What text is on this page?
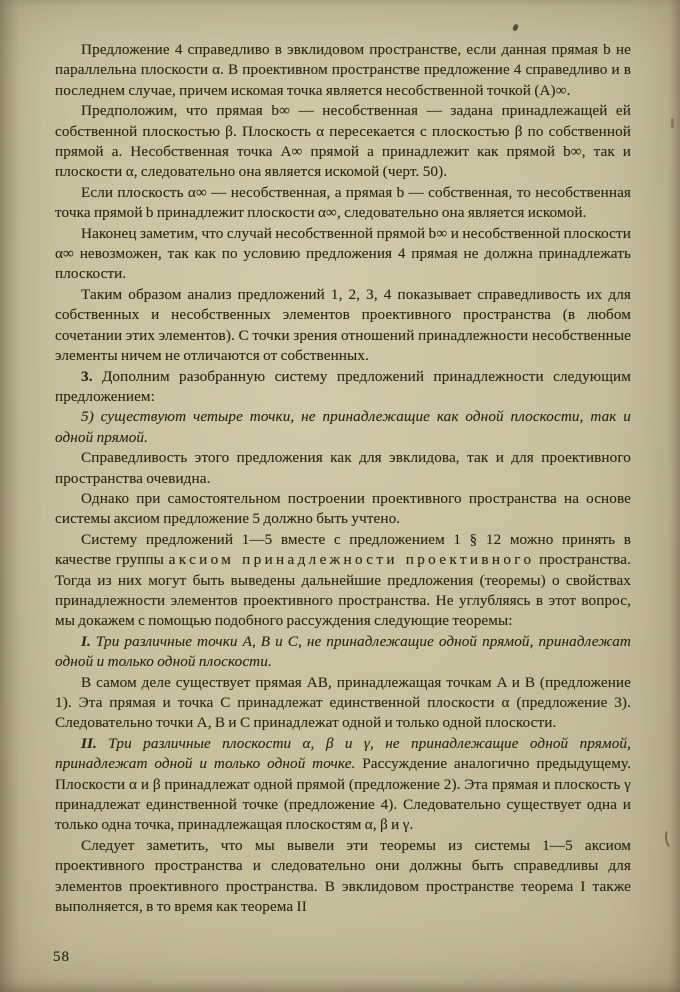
Предложение 4 справедливо в эвклидовом пространстве, если данная прямая b не параллельна плоскости α. В проективном пространстве предложение 4 справедливо и в последнем случае, причем искомая точка является несобственной точкой (A)∞.

Предположим, что прямая b∞ — несобственная — задана принадлежащей ей собственной плоскостью β. Плоскость α пересекается с плоскостью β по собственной прямой a. Несобственная точка A∞ прямой a принадлежит как прямой b∞, так и плоскости α, следовательно она является искомой (черт. 50).

Если плоскость α∞ — несобственная, а прямая b — собственная, то несобственная точка прямой b принадлежит плоскости α∞, следовательно она является искомой.

Наконец заметим, что случай несобственной прямой b∞ и несобственной плоскости α∞ невозможен, так как по условию предложения 4 прямая не должна принадлежать плоскости.

Таким образом анализ предложений 1, 2, 3, 4 показывает справедливость их для собственных и несобственных элементов проективного пространства (в любом сочетании этих элементов). С точки зрения отношений принадлежности несобственные элементы ничем не отличаются от собственных.

3. Дополним разобранную систему предложений принадлежности следующим предложением:

5) существуют четыре точки, не принадлежащие как одной плоскости, так и одной прямой.

Справедливость этого предложения как для эвклидова, так и для проективного пространства очевидна.

Однако при самостоятельном построении проективного пространства на основе системы аксиом предложение 5 должно быть учтено.

Систему предложений 1—5 вместе с предложением 1 § 12 можно принять в качестве группы аксиом принадлежности проективного пространства. Тогда из них могут быть выведены дальнейшие предложения (теоремы) о свойствах принадлежности элементов проективного пространства. Не углубляясь в этот вопрос, мы докажем с помощью подобного рассуждения следующие теоремы:

I. Три различные точки A, B и C, не принадлежащие одной прямой, принадлежат одной и только одной плоскости.

В самом деле существует прямая AB, принадлежащая точкам A и B (предложение 1). Эта прямая и точка C принадлежат единственной плоскости α (предложение 3). Следовательно точки A, B и C принадлежат одной и только одной плоскости.

II. Три различные плоскости α, β и γ, не принадлежащие одной прямой, принадлежат одной и только одной точке. Рассуждение аналогично предыдущему. Плоскости α и β принадлежат одной прямой (предложение 2). Эта прямая и плоскость γ принадлежат единственной точке (предложение 4). Следовательно существует одна и только одна точка, принадлежащая плоскостям α, β и γ.

Следует заметить, что мы вывели эти теоремы из системы 1—5 аксиом проективного пространства и следовательно они должны быть справедливы для элементов проективного пространства. В эвклидовом пространстве теорема I также выполняется, в то время как теорема II

58
